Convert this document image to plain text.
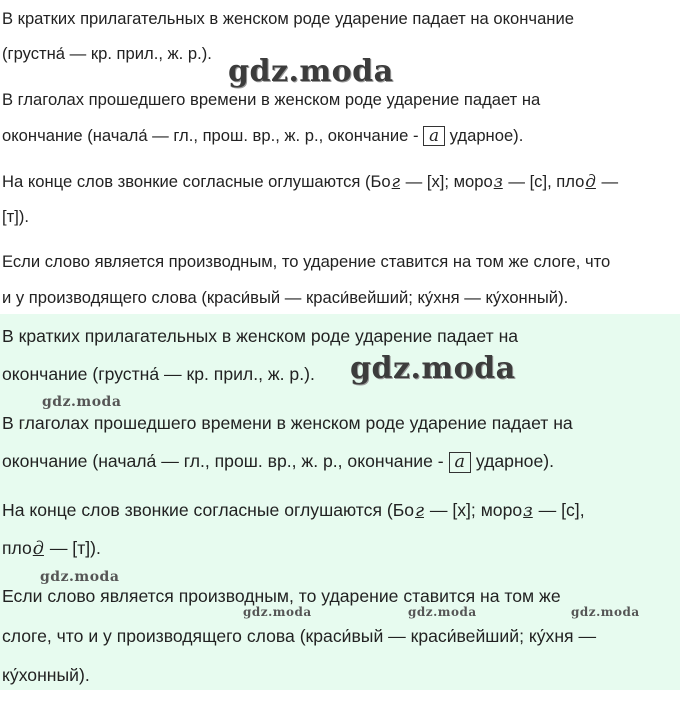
В кратких прилагательных в женском роде ударение падает на окончание

(грустна́ — кр. прил., ж. р.).

В глаголах прошедшего времени в женском роде ударение падает на

окончание (начала́ — гл., прош. вр., ж. р., окончание - а ударное).

На конце слов звонкие согласные оглушаются (Бог — [х]; мороз — [с], плод —

[т]).

Если слово является производным, то ударение ставится на том же слоге, что

и у производящего слова (краси́вый — краси́вейший; ку́хня — ку́хонный).

gdz.moda

В кратких прилагательных в женском роде ударение падает на

окончание (грустна́ — кр. прил., ж. р.).

В глаголах прошедшего времени в женском роде ударение падает на

окончание (начала́ — гл., прош. вр., ж. р., окончание - а ударное).

На конце слов звонкие согласные оглушаются (Бог — [х]; мороз — [с],

плод — [т]).

Если слово является производным, то ударение ставится на том же

слоге, что и у производящего слова (краси́вый — краси́вейший; ку́хня —

ку́хонный).

gdz.moda
gdz.moda
gdz.moda
gdz.moda	gdz.moda	gdz.moda
